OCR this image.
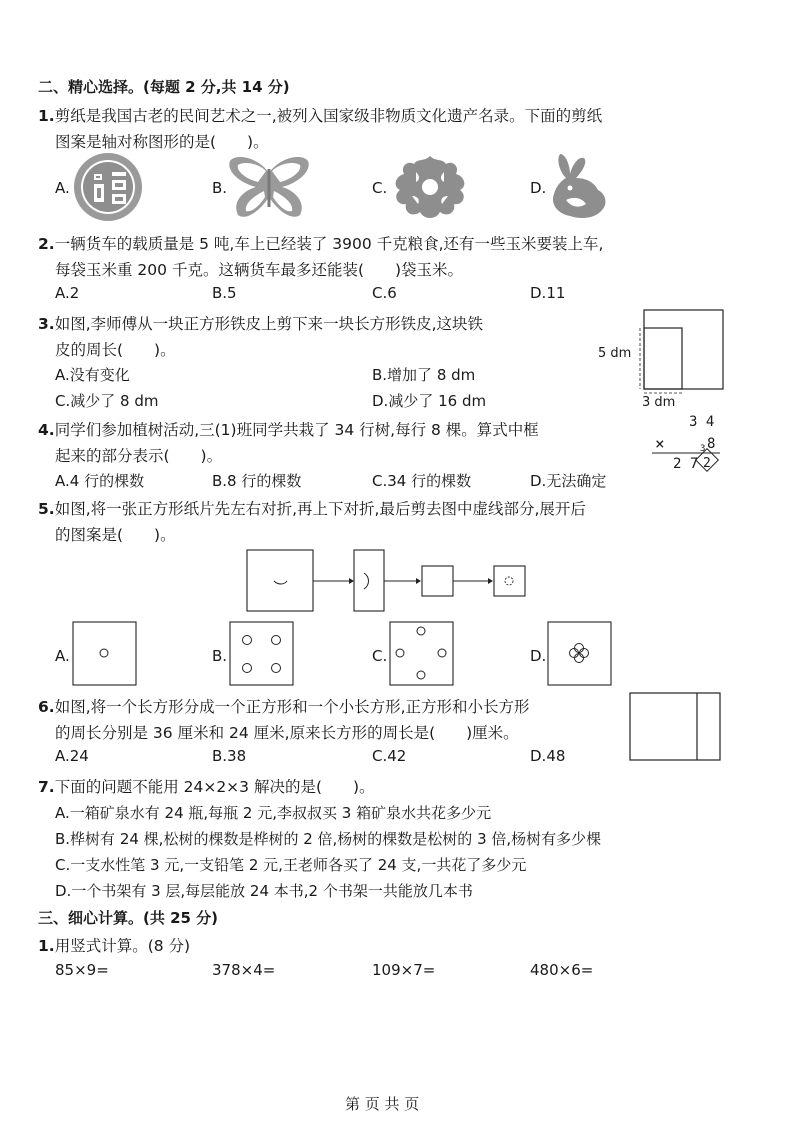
二、精心选择。(每题 2 分,共 14 分)
1.剪纸是我国古老的民间艺术之一,被列入国家级非物质文化遗产名录。下面的剪纸
图案是轴对称图形的是(　　)。
A.	B.	C.	D.
2.一辆货车的载质量是 5 吨,车上已经装了 3900 千克粮食,还有一些玉米要装上车,
每袋玉米重 200 千克。这辆货车最多还能装(　　)袋玉米。
A.2	B.5	C.6	D.11
3.如图,李师傅从一块正方形铁皮上剪下来一块长方形铁皮,这块铁
皮的周长(　　)。
A.没有变化	B.增加了 8 dm
C.减少了 8 dm	D.减少了 16 dm
5 dm
3 dm
4.同学们参加植树活动,三(1)班同学共栽了 34 行树,每行 8 棵。算式中框
起来的部分表示(　　)。
A.4 行的棵数	B.8 行的棵数	C.34 行的棵数	D.无法确定
3 4
×	8
3
2 7 2
5.如图,将一张正方形纸片先左右对折,再上下对折,最后剪去图中虚线部分,展开后
的图案是(　　)。
A.	B.	C.	D.
6.如图,将一个长方形分成一个正方形和一个小长方形,正方形和小长方形
的周长分别是 36 厘米和 24 厘米,原来长方形的周长是(　　)厘米。
A.24	B.38	C.42	D.48
7.下面的问题不能用 24×2×3 解决的是(　　)。
A.一箱矿泉水有 24 瓶,每瓶 2 元,李叔叔买 3 箱矿泉水共花多少元
B.桦树有 24 棵,松树的棵数是桦树的 2 倍,杨树的棵数是松树的 3 倍,杨树有多少棵
C.一支水性笔 3 元,一支铅笔 2 元,王老师各买了 24 支,一共花了多少元
D.一个书架有 3 层,每层能放 24 本书,2 个书架一共能放几本书
三、细心计算。(共 25 分)
1.用竖式计算。(8 分)
85×9=	378×4=	109×7=	480×6=
第 页 共 页
